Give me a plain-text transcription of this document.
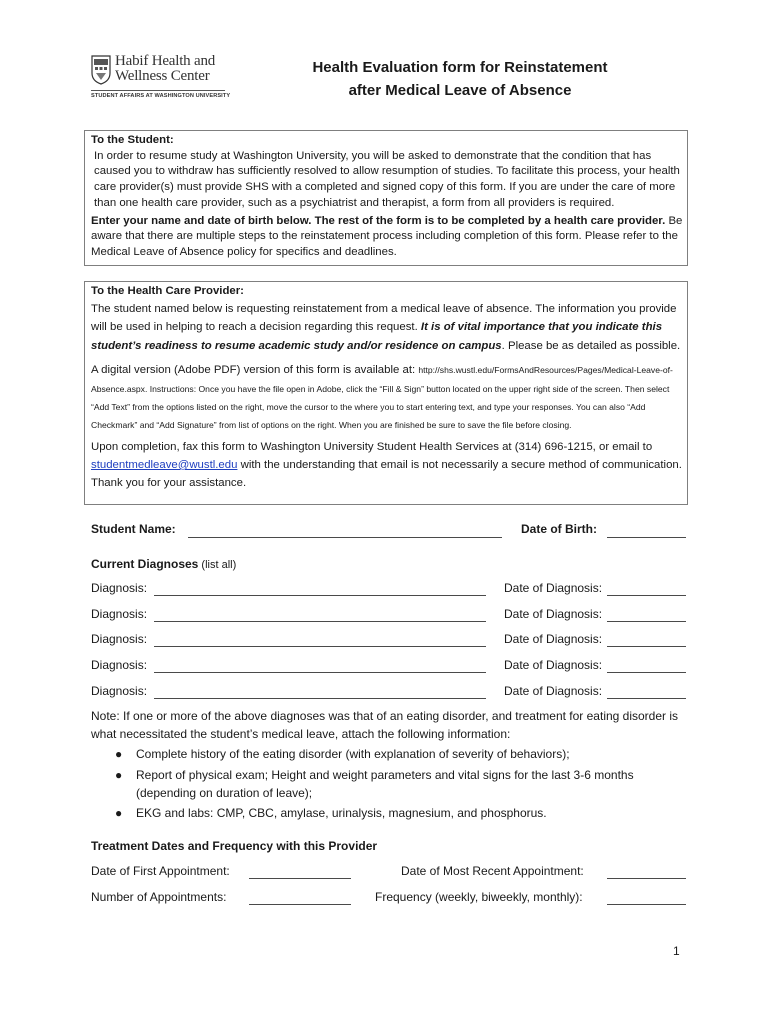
Habif Health and
Wellness Center
STUDENT AFFAIRS AT WASHINGTON UNIVERSITY
Health Evaluation form for Reinstatement
after Medical Leave of Absence
To the Student:
In order to resume study at Washington University, you will be asked to demonstrate that the condition that has caused you to withdraw has sufficiently resolved to allow resumption of studies. To facilitate this process, your health care provider(s) must provide SHS with a completed and signed copy of this form. If you are under the care of more than one health care provider, such as a psychiatrist and therapist, a form from all providers is required.
Enter your name and date of birth below. The rest of the form is to be completed by a health care provider. Be aware that there are multiple steps to the reinstatement process including completion of this form. Please refer to the Medical Leave of Absence policy for specifics and deadlines.
To the Health Care Provider:
The student named below is requesting reinstatement from a medical leave of absence. The information you provide will be used in helping to reach a decision regarding this request. It is of vital importance that you indicate this student’s readiness to resume academic study and/or residence on campus. Please be as detailed as possible.
A digital version (Adobe PDF) version of this form is available at: http://shs.wustl.edu/FormsAndResources/Pages/Medical-Leave-of-Absence.aspx. Instructions: Once you have the file open in Adobe, click the “Fill & Sign” button located on the upper right side of the screen. Then select “Add Text” from the options listed on the right, move the cursor to the where you to start entering text, and type your responses. You can also “Add Checkmark” and “Add Signature” from list of options on the right. When you are finished be sure to save the file before closing.
Upon completion, fax this form to Washington University Student Health Services at (314) 696-1215, or email to studentmedleave@wustl.edu with the understanding that email is not necessarily a secure method of communication. Thank you for your assistance.
Student Name:	Date of Birth:
Current Diagnoses (list all)
Diagnosis:	Date of Diagnosis:
Diagnosis:	Date of Diagnosis:
Diagnosis:	Date of Diagnosis:
Diagnosis:	Date of Diagnosis:
Diagnosis:	Date of Diagnosis:
Note: If one or more of the above diagnoses was that of an eating disorder, and treatment for eating disorder is what necessitated the student’s medical leave, attach the following information:
● Complete history of the eating disorder (with explanation of severity of behaviors);
● Report of physical exam; Height and weight parameters and vital signs for the last 3-6 months (depending on duration of leave);
● EKG and labs: CMP, CBC, amylase, urinalysis, magnesium, and phosphorus.
Treatment Dates and Frequency with this Provider
Date of First Appointment:	Date of Most Recent Appointment:
Number of Appointments:	Frequency (weekly, biweekly, monthly):
1
